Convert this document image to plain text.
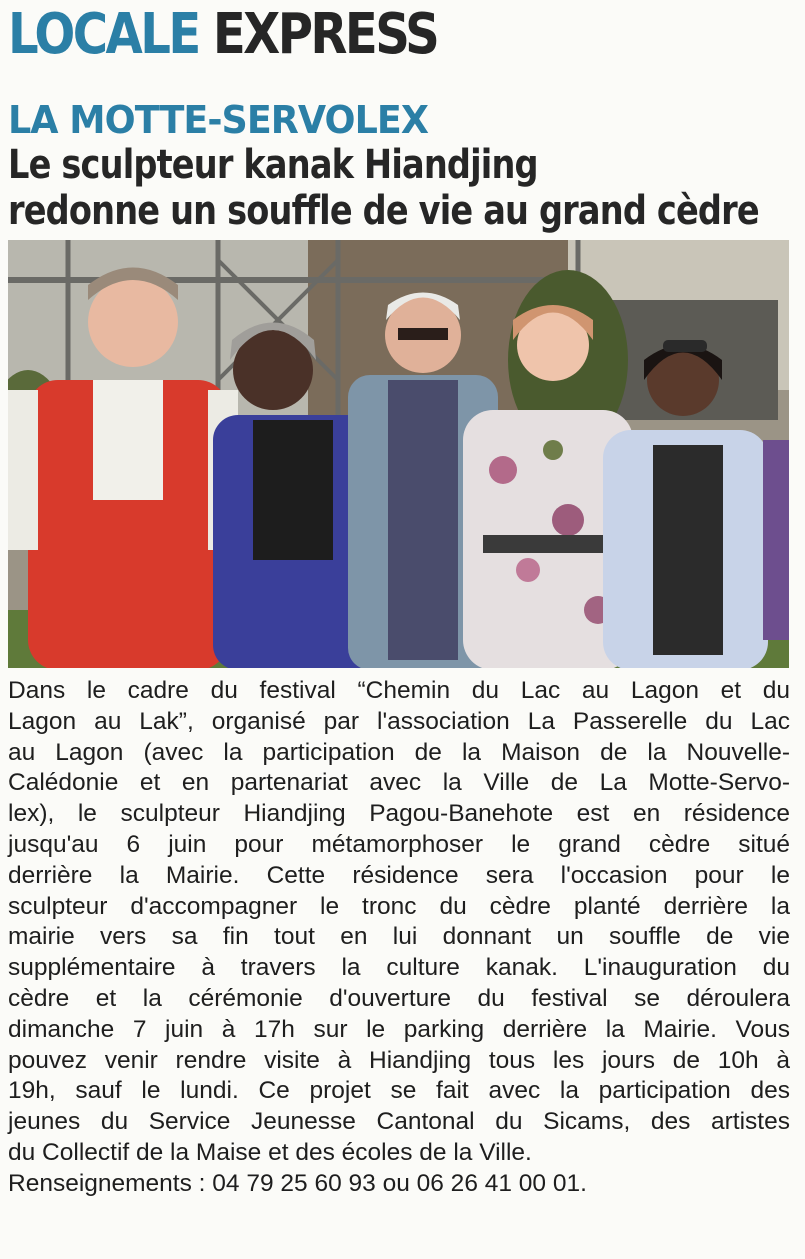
LOCALE EXPRESS
LA MOTTE-SERVOLEX
Le sculpteur kanak Hiandjing
redonne un souffle de vie au grand cèdre
Dans le cadre du festival “Chemin du Lac au Lagon et du
Lagon au Lak”, organisé par l'association La Passerelle du Lac
au Lagon (avec la participation de la Maison de la Nouvelle-
Calédonie et en partenariat avec la Ville de La Motte-Servo-
lex), le sculpteur Hiandjing Pagou-Banehote est en résidence
jusqu'au 6 juin pour métamorphoser le grand cèdre situé
derrière la Mairie. Cette résidence sera l'occasion pour le
sculpteur d'accompagner le tronc du cèdre planté derrière la
mairie vers sa fin tout en lui donnant un souffle de vie
supplémentaire à travers la culture kanak. L'inauguration du
cèdre et la cérémonie d'ouverture du festival se déroulera
dimanche 7 juin à 17h sur le parking derrière la Mairie. Vous
pouvez venir rendre visite à Hiandjing tous les jours de 10h à
19h, sauf le lundi. Ce projet se fait avec la participation des
jeunes du Service Jeunesse Cantonal du Sicams, des artistes
du Collectif de la Maise et des écoles de la Ville.
Renseignements : 04 79 25 60 93 ou 06 26 41 00 01.
